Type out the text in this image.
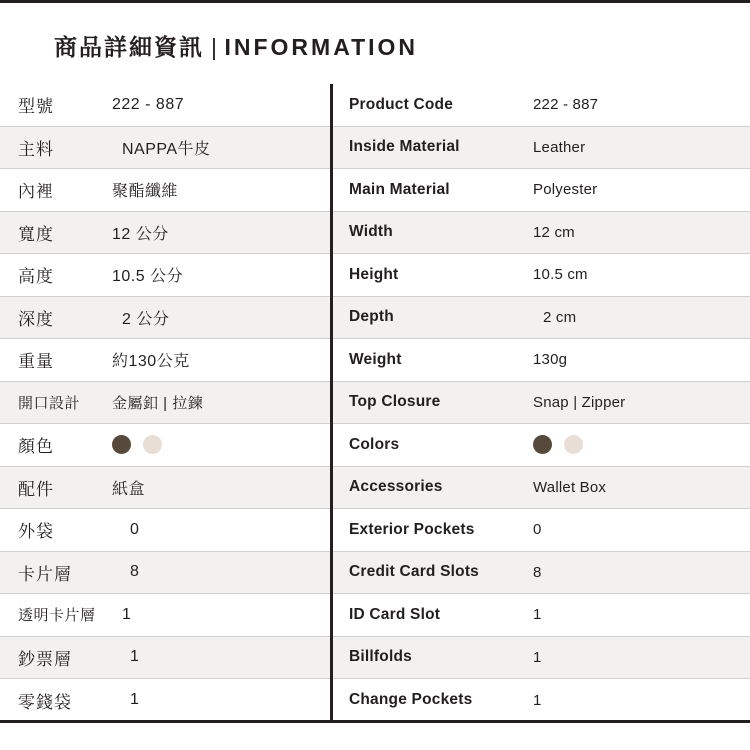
商品詳細資訊 | INFORMATION
型號	222 - 887
主料	NAPPA牛皮
內裡	聚酯纖維
寬度	12 公分
高度	10.5 公分
深度	2 公分
重量	約130公克
開口設計	金屬釦 | 拉鍊
顏色
配件	紙盒
外袋	0
卡片層	8
透明卡片層	1
鈔票層	1
零錢袋	1
Product Code	222 - 887
Inside Material	Leather
Main Material	Polyester
Width	12 cm
Height	10.5 cm
Depth	2 cm
Weight	130g
Top Closure	Snap | Zipper
Colors
Accessories	Wallet Box
Exterior Pockets	0
Credit Card Slots	8
ID Card Slot	1
Billfolds	1
Change Pockets	1
